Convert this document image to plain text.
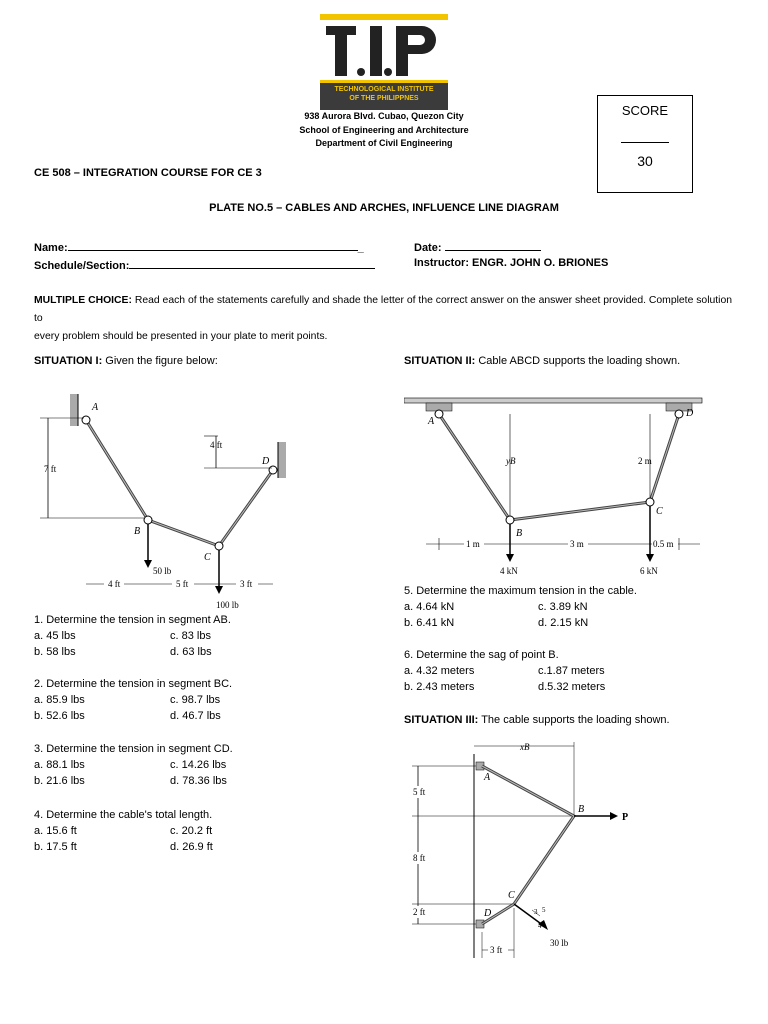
TECHNOLOGICAL INSTITUTE
OF THE PHILIPPNES
938 Aurora Blvd. Cubao, Quezon City
School of Engineering and Architecture
Department of Civil Engineering
SCORE
30
CE 508 – INTEGRATION COURSE FOR CE 3
PLATE NO.5 – CABLES AND ARCHES, INFLUENCE LINE DIAGRAM
Name:	_
Schedule/Section:
Date:
Instructor: ENGR. JOHN O. BRIONES
MULTIPLE CHOICE: Read each of the statements carefully and shade the letter of the correct answer on the answer sheet provided. Complete solution to
every problem should be presented in your plate to merit points.
SITUATION I: Given the figure below:
A
B
C
D
7 ft
4 ft
50 lb
100 lb
4 ft	5 ft	3 ft
1. Determine the tension in segment AB.
a. 45 lbs	c. 83 lbs
b. 58 lbs	d. 63 lbs
2. Determine the tension in segment BC.
a. 85.9 lbs	c. 98.7 lbs
b. 52.6 lbs	d. 46.7 lbs
3. Determine the tension in segment CD.
a. 88.1 lbs	c. 14.26 lbs
b. 21.6 lbs	d. 78.36 lbs
4. Determine the cable's total length.
a. 15.6 ft	c. 20.2 ft
b. 17.5 ft	d. 26.9 ft
SITUATION II: Cable ABCD supports the loading shown.
A
B
C
D
yB	2 m
4 kN	6 kN
1 m	3 m	0.5 m
5. Determine the maximum tension in the cable.
a. 4.64 kN	c. 3.89 kN
b. 6.41 kN	d. 2.15 kN
6. Determine the sag of point B.
a. 4.32 meters	c.1.87 meters
b. 2.43 meters	d.5.32 meters
SITUATION III: The cable supports the loading shown.
xB
5 ft
8 ft
2 ft
A
B
C
D
P
3
4
5
30 lb
3 ft
